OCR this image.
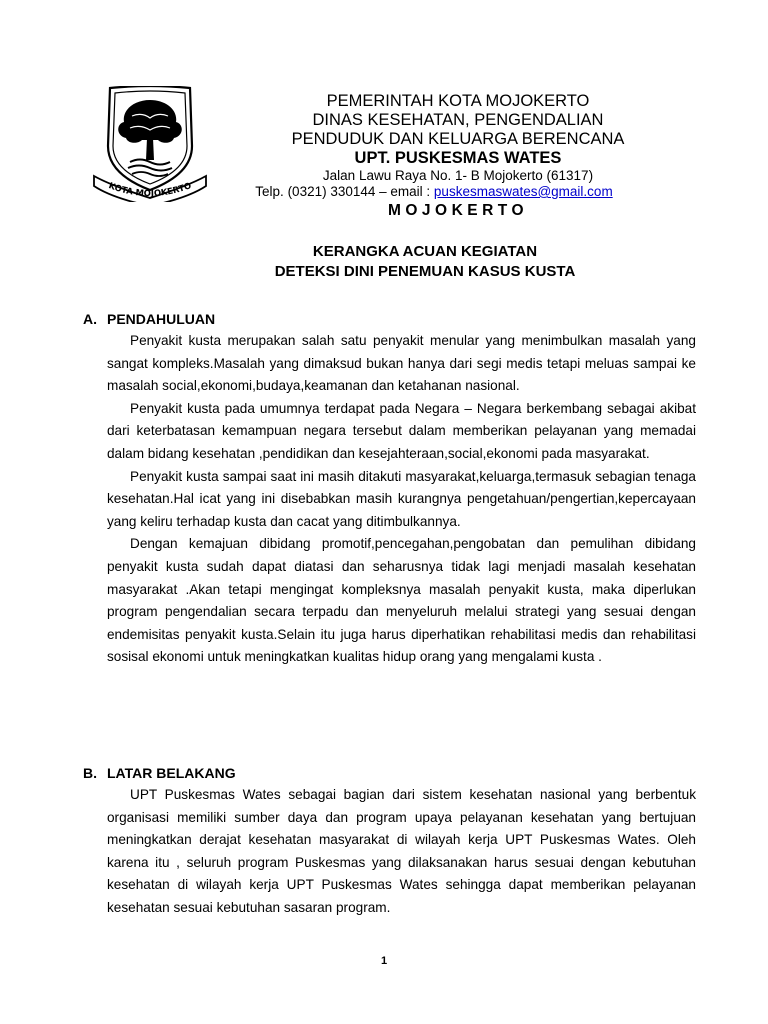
KOTA MOJOKERTO
PEMERINTAH KOTA MOJOKERTO
DINAS KESEHATAN, PENGENDALIAN
PENDUDUK DAN KELUARGA BERENCANA
UPT. PUSKESMAS WATES
Jalan Lawu Raya No. 1- B Mojokerto (61317)
Telp. (0321) 330144 – email : puskesmaswates@gmail.com
MOJOKERTO
KERANGKA ACUAN KEGIATAN
DETEKSI DINI PENEMUAN KASUS KUSTA
A. PENDAHULUAN

Penyakit kusta merupakan salah satu penyakit menular yang menimbulkan masalah yang sangat kompleks.Masalah yang dimaksud bukan hanya dari segi medis tetapi meluas sampai ke masalah social,ekonomi,budaya,keamanan dan ketahanan nasional.

Penyakit kusta pada umumnya terdapat pada Negara – Negara berkembang sebagai akibat dari keterbatasan kemampuan negara tersebut dalam memberikan pelayanan yang memadai dalam bidang kesehatan ,pendidikan dan kesejahteraan,social,ekonomi pada masyarakat.

Penyakit kusta sampai saat ini masih ditakuti masyarakat,keluarga,termasuk sebagian tenaga kesehatan.Hal icat yang ini disebabkan masih kurangnya pengetahuan/pengertian,kepercayaan yang keliru terhadap kusta dan cacat yang ditimbulkannya.

Dengan kemajuan dibidang promotif,pencegahan,pengobatan dan pemulihan dibidang penyakit kusta sudah dapat diatasi dan seharusnya tidak lagi menjadi masalah kesehatan masyarakat .Akan tetapi mengingat kompleksnya masalah penyakit kusta, maka diperlukan program pengendalian secara terpadu dan menyeluruh melalui strategi yang sesuai dengan endemisitas penyakit kusta.Selain itu juga harus diperhatikan rehabilitasi medis dan rehabilitasi sosisal ekonomi untuk meningkatkan kualitas hidup orang yang mengalami kusta .

B. LATAR BELAKANG

UPT Puskesmas Wates sebagai bagian dari sistem kesehatan nasional yang berbentuk organisasi memiliki sumber daya dan program upaya pelayanan kesehatan yang bertujuan meningkatkan derajat kesehatan masyarakat di wilayah kerja UPT Puskesmas Wates. Oleh karena itu , seluruh program Puskesmas yang dilaksanakan harus sesuai dengan kebutuhan kesehatan di wilayah kerja UPT Puskesmas Wates sehingga dapat memberikan pelayanan kesehatan sesuai kebutuhan sasaran program.

1
